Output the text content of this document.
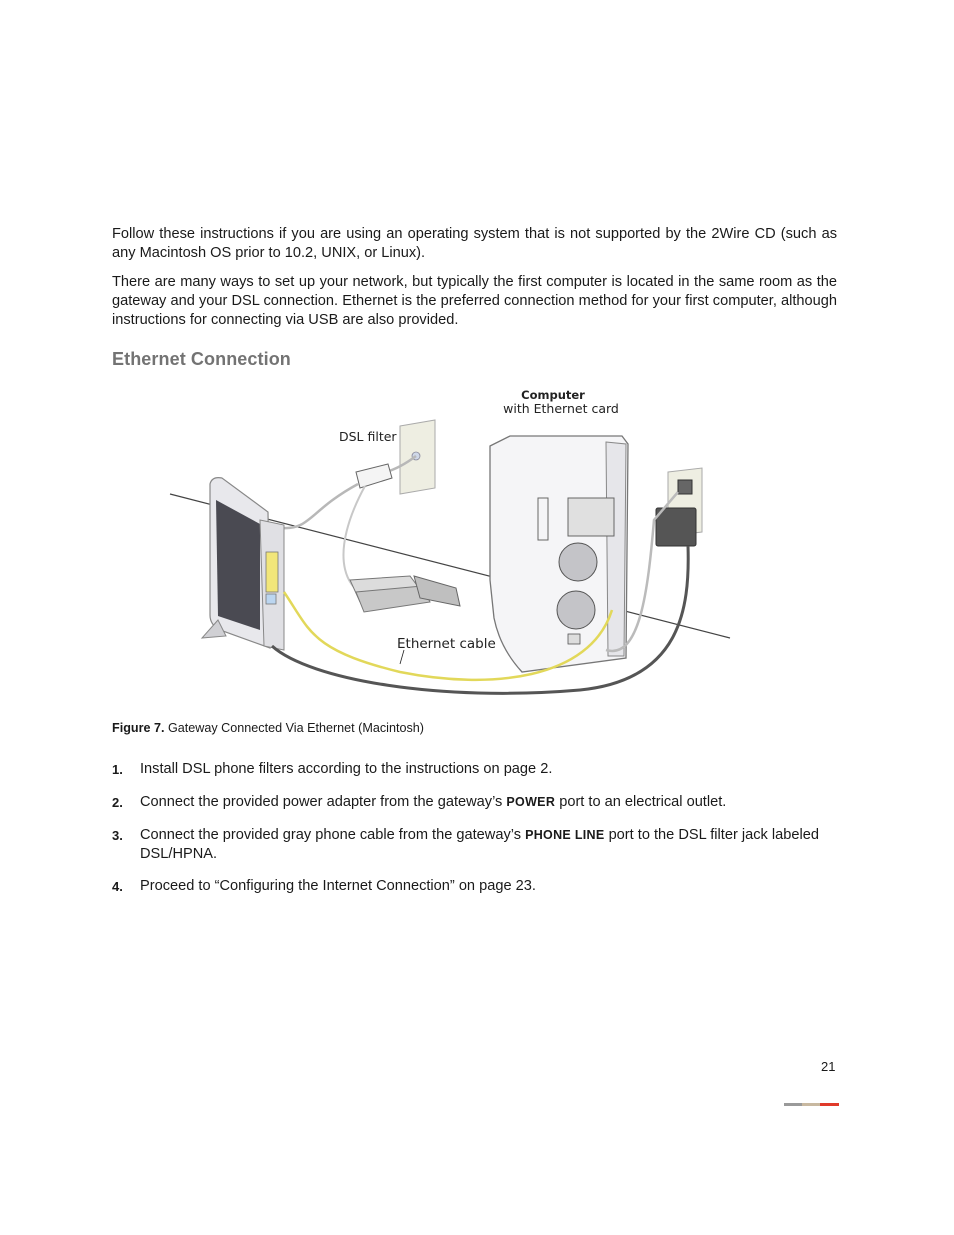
Follow these instructions if you are using an operating system that is not supported by the 2Wire CD (such as any Macintosh OS prior to 10.2, UNIX, or Linux).

There are many ways to set up your network, but typically the first computer is located in the same room as the gateway and your DSL connection. Ethernet is the preferred connection method for your first computer, although instructions for connecting via USB are also provided.

Ethernet Connection
Computer
with Ethernet card
DSL filter
Ethernet cable

Figure 7. Gateway Connected Via Ethernet (Macintosh)

1. Install DSL phone filters according to the instructions on page 2.
2. Connect the provided power adapter from the gateway’s POWER port to an electrical outlet.
3. Connect the provided gray phone cable from the gateway’s PHONE LINE port to the DSL filter jack labeled DSL/HPNA.
4. Proceed to “Configuring the Internet Connection” on page 23.
21
